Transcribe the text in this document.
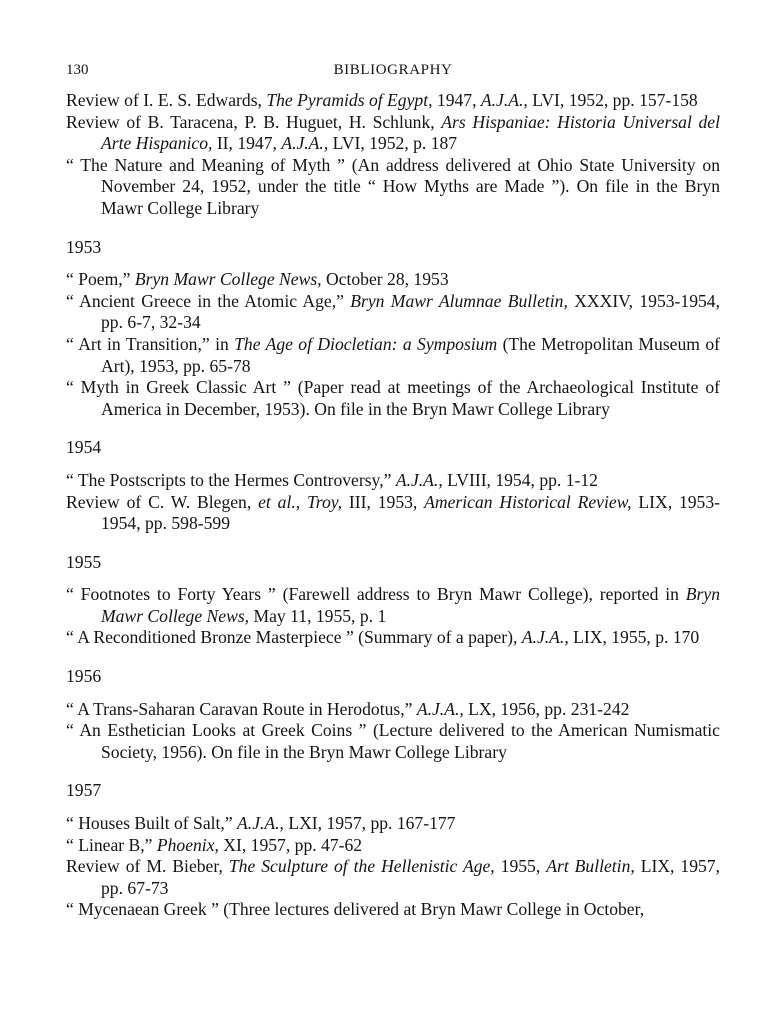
130	BIBLIOGRAPHY
Review of I. E. S. Edwards, The Pyramids of Egypt, 1947, A.J.A., LVI, 1952, pp. 157-158
Review of B. Taracena, P. B. Huguet, H. Schlunk, Ars Hispaniae: Historia Universal del Arte Hispanico, II, 1947, A.J.A., LVI, 1952, p. 187
“ The Nature and Meaning of Myth ” (An address delivered at Ohio State University on November 24, 1952, under the title “ How Myths are Made ”). On file in the Bryn Mawr College Library
1953
“ Poem,” Bryn Mawr College News, October 28, 1953
“ Ancient Greece in the Atomic Age,” Bryn Mawr Alumnae Bulletin, XXXIV, 1953-1954, pp. 6-7, 32-34
“ Art in Transition,” in The Age of Diocletian: a Symposium (The Metropolitan Museum of Art), 1953, pp. 65-78
“ Myth in Greek Classic Art ” (Paper read at meetings of the Archaeological Institute of America in December, 1953). On file in the Bryn Mawr College Library
1954
“ The Postscripts to the Hermes Controversy,” A.J.A., LVIII, 1954, pp. 1-12
Review of C. W. Blegen, et al., Troy, III, 1953, American Historical Review, LIX, 1953-1954, pp. 598-599
1955
“ Footnotes to Forty Years ” (Farewell address to Bryn Mawr College), reported in Bryn Mawr College News, May 11, 1955, p. 1
“ A Reconditioned Bronze Masterpiece ” (Summary of a paper), A.J.A., LIX, 1955, p. 170
1956
“ A Trans-Saharan Caravan Route in Herodotus,” A.J.A., LX, 1956, pp. 231-242
“ An Esthetician Looks at Greek Coins ” (Lecture delivered to the American Numismatic Society, 1956). On file in the Bryn Mawr College Library
1957
“ Houses Built of Salt,” A.J.A., LXI, 1957, pp. 167-177
“ Linear B,” Phoenix, XI, 1957, pp. 47-62
Review of M. Bieber, The Sculpture of the Hellenistic Age, 1955, Art Bulletin, LIX, 1957, pp. 67-73
“ Mycenaean Greek ” (Three lectures delivered at Bryn Mawr College in October,
